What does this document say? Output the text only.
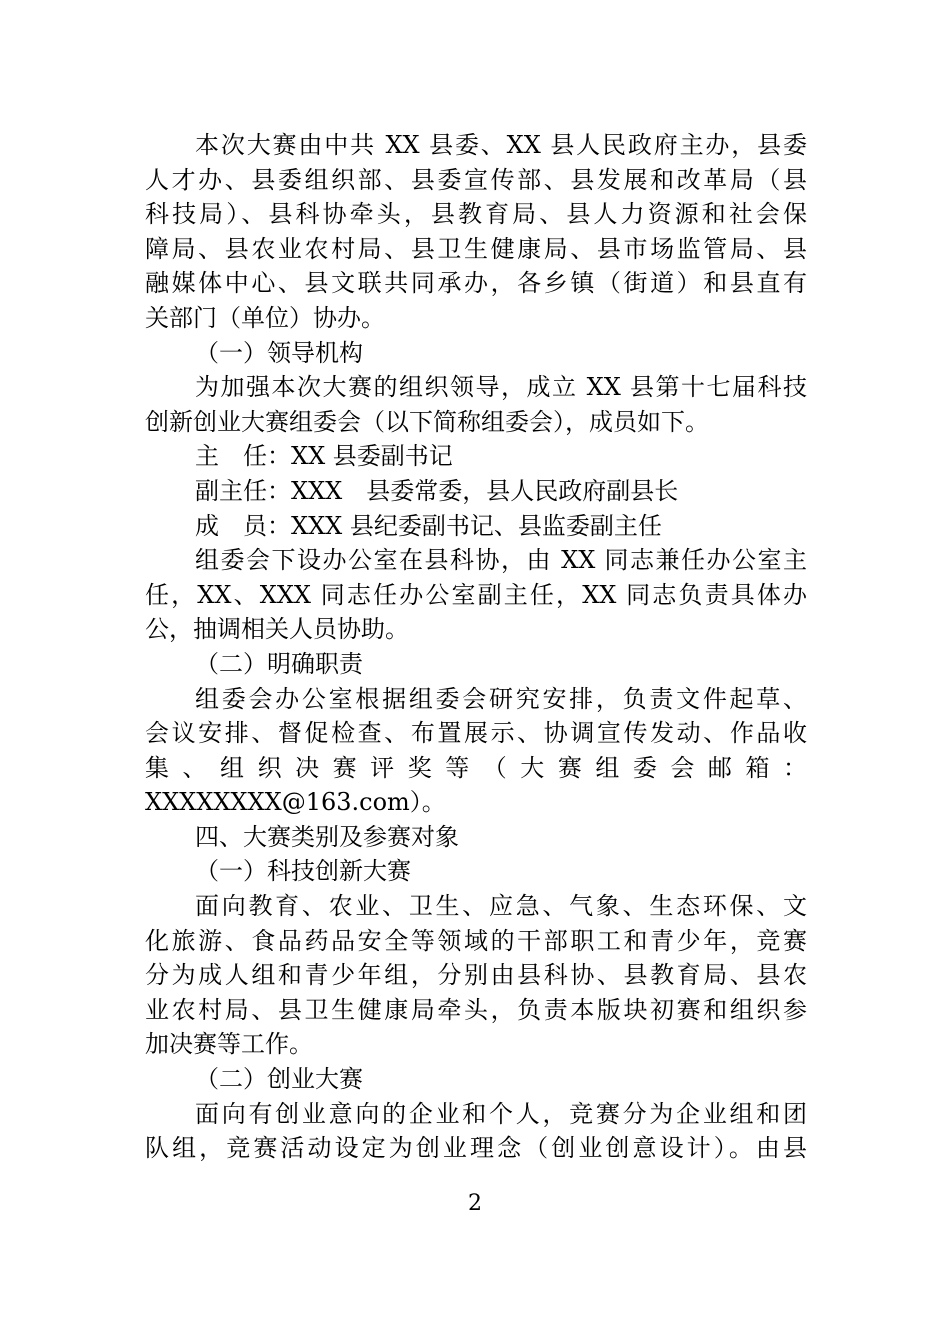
本次大赛由中共 XX 县委、XX 县人民政府主办，县委
人才办、县委组织部、县委宣传部、县发展和改革局（县
科技局）、县科协牵头，县教育局、县人力资源和社会保
障局、县农业农村局、县卫生健康局、县市场监管局、县
融媒体中心、县文联共同承办，各乡镇（街道）和县直有
关部门（单位）协办。
（一）领导机构
为加强本次大赛的组织领导，成立 XX 县第十七届科技
创新创业大赛组委会（以下简称组委会），成员如下。
主　任：XX 县委副书记
副主任：XXX　县委常委，县人民政府副县长
成　员：XXX 县纪委副书记、县监委副主任
组委会下设办公室在县科协，由 XX 同志兼任办公室主
任，XX、XXX 同志任办公室副主任，XX 同志负责具体办
公，抽调相关人员协助。
（二）明确职责
组委会办公室根据组委会研究安排，负责文件起草、
会议安排、督促检查、布置展示、协调宣传发动、作品收
集 、 组 织 决 赛 评 奖 等 （ 大 赛 组 委 会 邮 箱 ：
XXXXXXXX@163.com）。
四、大赛类别及参赛对象
（一）科技创新大赛
面向教育、农业、卫生、应急、气象、生态环保、文
化旅游、食品药品安全等领域的干部职工和青少年，竞赛
分为成人组和青少年组，分别由县科协、县教育局、县农
业农村局、县卫生健康局牵头，负责本版块初赛和组织参
加决赛等工作。
（二）创业大赛
面向有创业意向的企业和个人，竞赛分为企业组和团
队组，竞赛活动设定为创业理念（创业创意设计）。由县
2
